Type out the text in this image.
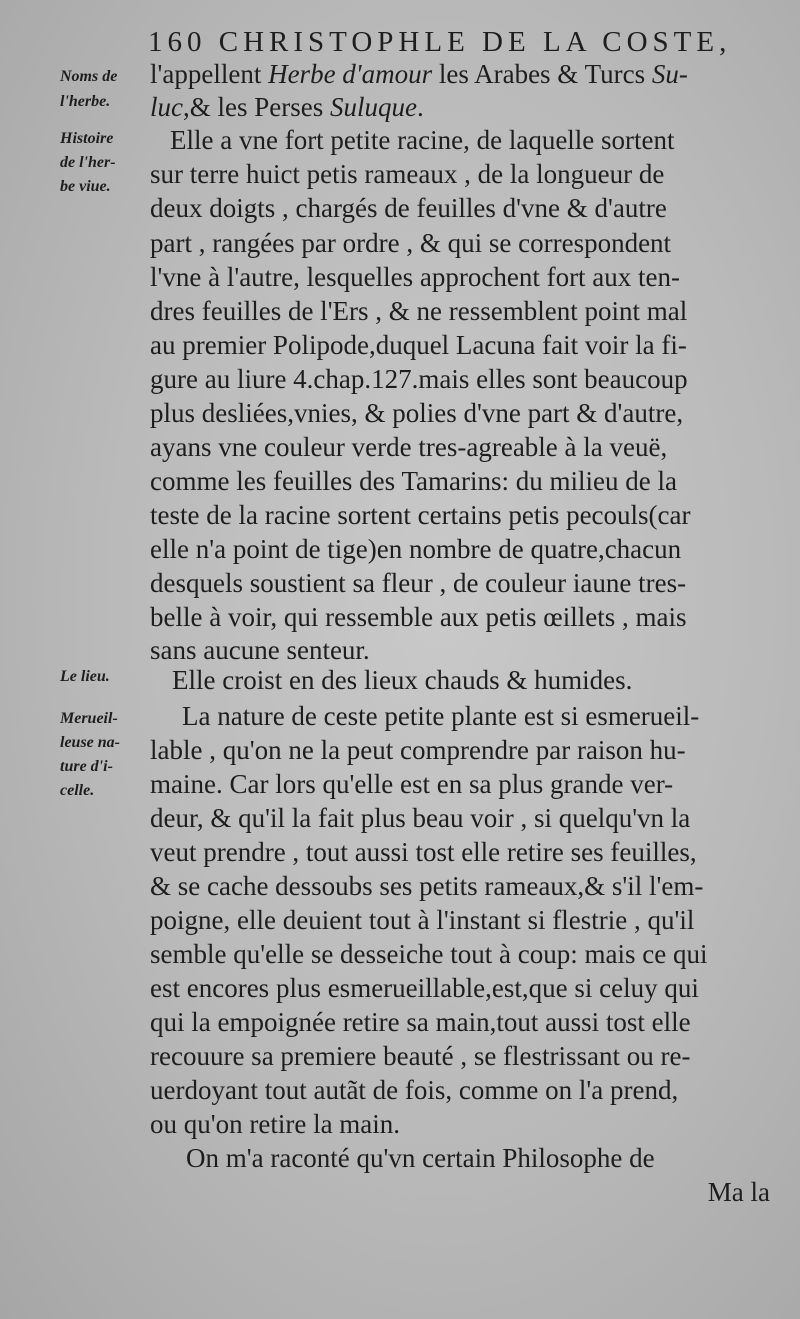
160 CHRISTOPHLE DE LA COSTE,
Noms de
l'herbe.
Histoire
de l'her-
be viue.
Le lieu.
Merueil-
leuse na-
ture d'i-
celle.
l'appellent Herbe d'amour les Arabes & Turcs Su-
luc,& les Perses Suluque.
Elle a vne fort petite racine, de laquelle sortent
sur terre huict petis rameaux , de la longueur de
deux doigts , chargés de feuilles d'vne & d'autre
part , rangées par ordre , & qui se correspondent
l'vne à l'autre, lesquelles approchent fort aux ten-
dres feuilles de l'Ers , & ne ressemblent point mal
au premier Polipode,duquel Lacuna fait voir la fi-
gure au liure 4.chap.127.mais elles sont beaucoup
plus desliées,vnies, & polies d'vne part & d'autre,
ayans vne couleur verde tres-agreable à la veuë,
comme les feuilles des Tamarins: du milieu de la
teste de la racine sortent certains petis pecouls(car
elle n'a point de tige)en nombre de quatre,chacun
desquels soustient sa fleur , de couleur iaune tres-
belle à voir, qui ressemble aux petis œillets , mais
sans aucune senteur.
Elle croist en des lieux chauds & humides.
La nature de ceste petite plante est si esmerueil-
lable , qu'on ne la peut comprendre par raison hu-
maine. Car lors qu'elle est en sa plus grande ver-
deur, & qu'il la fait plus beau voir , si quelqu'vn la
veut prendre , tout aussi tost elle retire ses feuilles,
& se cache dessoubs ses petits rameaux,& s'il l'em-
poigne, elle deuient tout à l'instant si flestrie , qu'il
semble qu'elle se desseiche tout à coup: mais ce qui
est encores plus esmerueillable,est,que si celuy qui
qui la empoignée retire sa main,tout aussi tost elle
recouure sa premiere beauté , se flestrissant ou re-
uerdoyant tout autãt de fois, comme on l'a prend,
ou qu'on retire la main.
On m'a raconté qu'vn certain Philosophe de
Ma la
